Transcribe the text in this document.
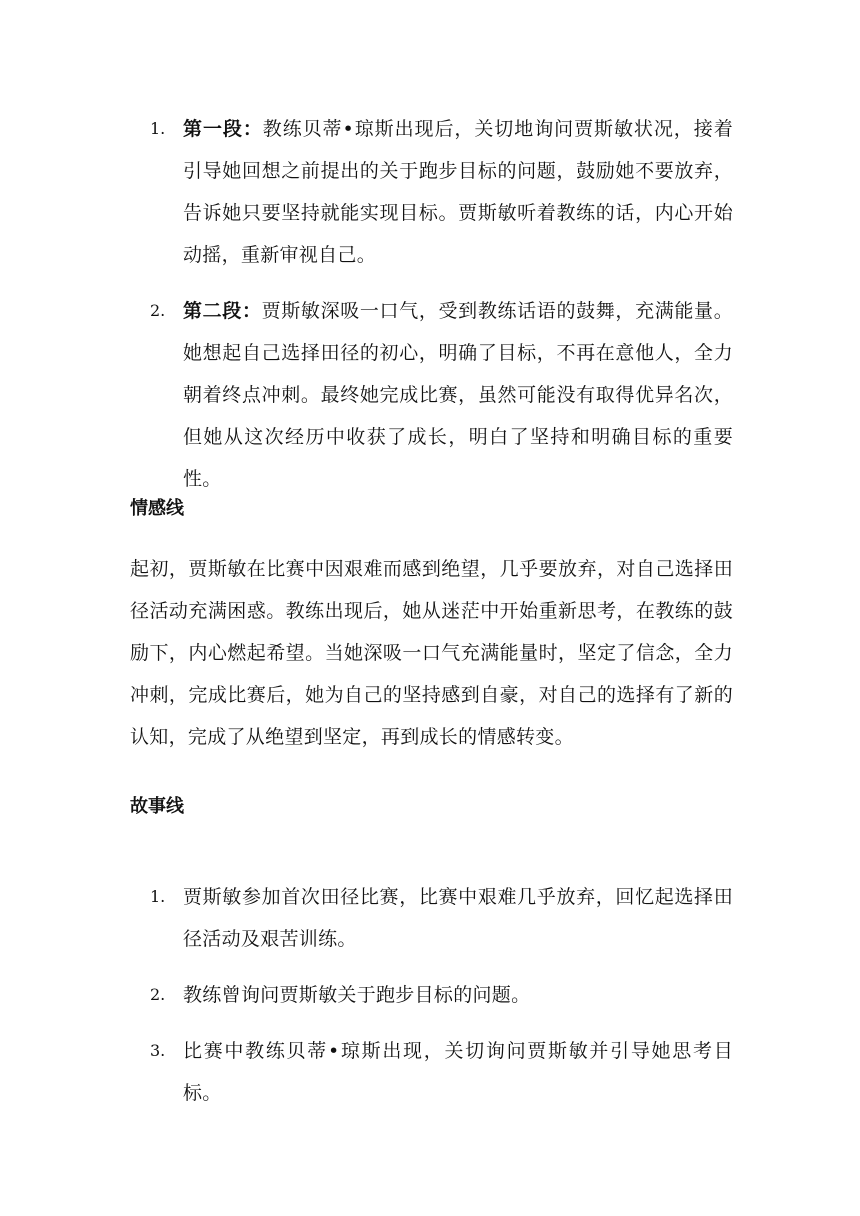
1. 第一段：教练贝蒂•琼斯出现后，关切地询问贾斯敏状况，接着引导她回想之前提出的关于跑步目标的问题，鼓励她不要放弃，告诉她只要坚持就能实现目标。贾斯敏听着教练的话，内心开始动摇，重新审视自己。
2. 第二段：贾斯敏深吸一口气，受到教练话语的鼓舞，充满能量。她想起自己选择田径的初心，明确了目标，不再在意他人，全力朝着终点冲刺。最终她完成比赛，虽然可能没有取得优异名次，但她从这次经历中收获了成长，明白了坚持和明确目标的重要性。
情感线

起初，贾斯敏在比赛中因艰难而感到绝望，几乎要放弃，对自己选择田径活动充满困惑。教练出现后，她从迷茫中开始重新思考，在教练的鼓励下，内心燃起希望。当她深吸一口气充满能量时，坚定了信念，全力冲刺，完成比赛后，她为自己的坚持感到自豪，对自己的选择有了新的认知，完成了从绝望到坚定，再到成长的情感转变。

故事线
1. 贾斯敏参加首次田径比赛，比赛中艰难几乎放弃，回忆起选择田径活动及艰苦训练。
2. 教练曾询问贾斯敏关于跑步目标的问题。
3. 比赛中教练贝蒂•琼斯出现，关切询问贾斯敏并引导她思考目标。
